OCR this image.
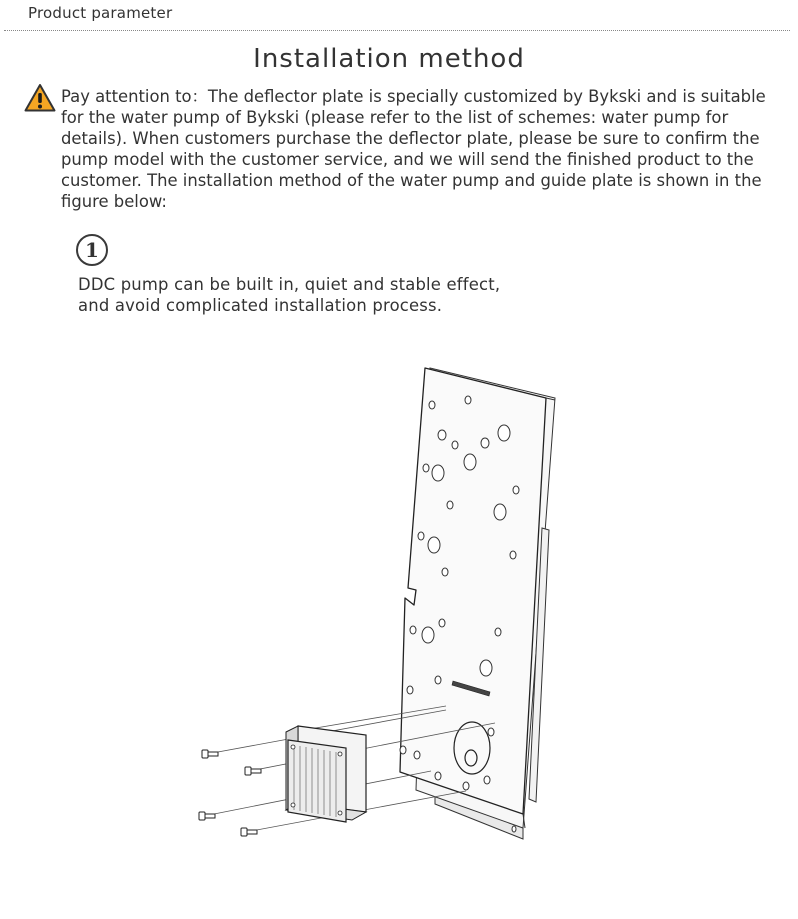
Product parameter
Installation method
Pay attention to：The deflector plate is specially customized by Bykski and is suitable for the water pump of Bykski (please refer to the list of schemes: water pump for details). When customers purchase the deflector plate, please be sure to confirm the pump model with the customer service, and we will send the finished product to the customer. The installation method of the water pump and guide plate is shown in the figure below:
1
DDC pump can be built in, quiet and stable effect,
and avoid complicated installation process.
